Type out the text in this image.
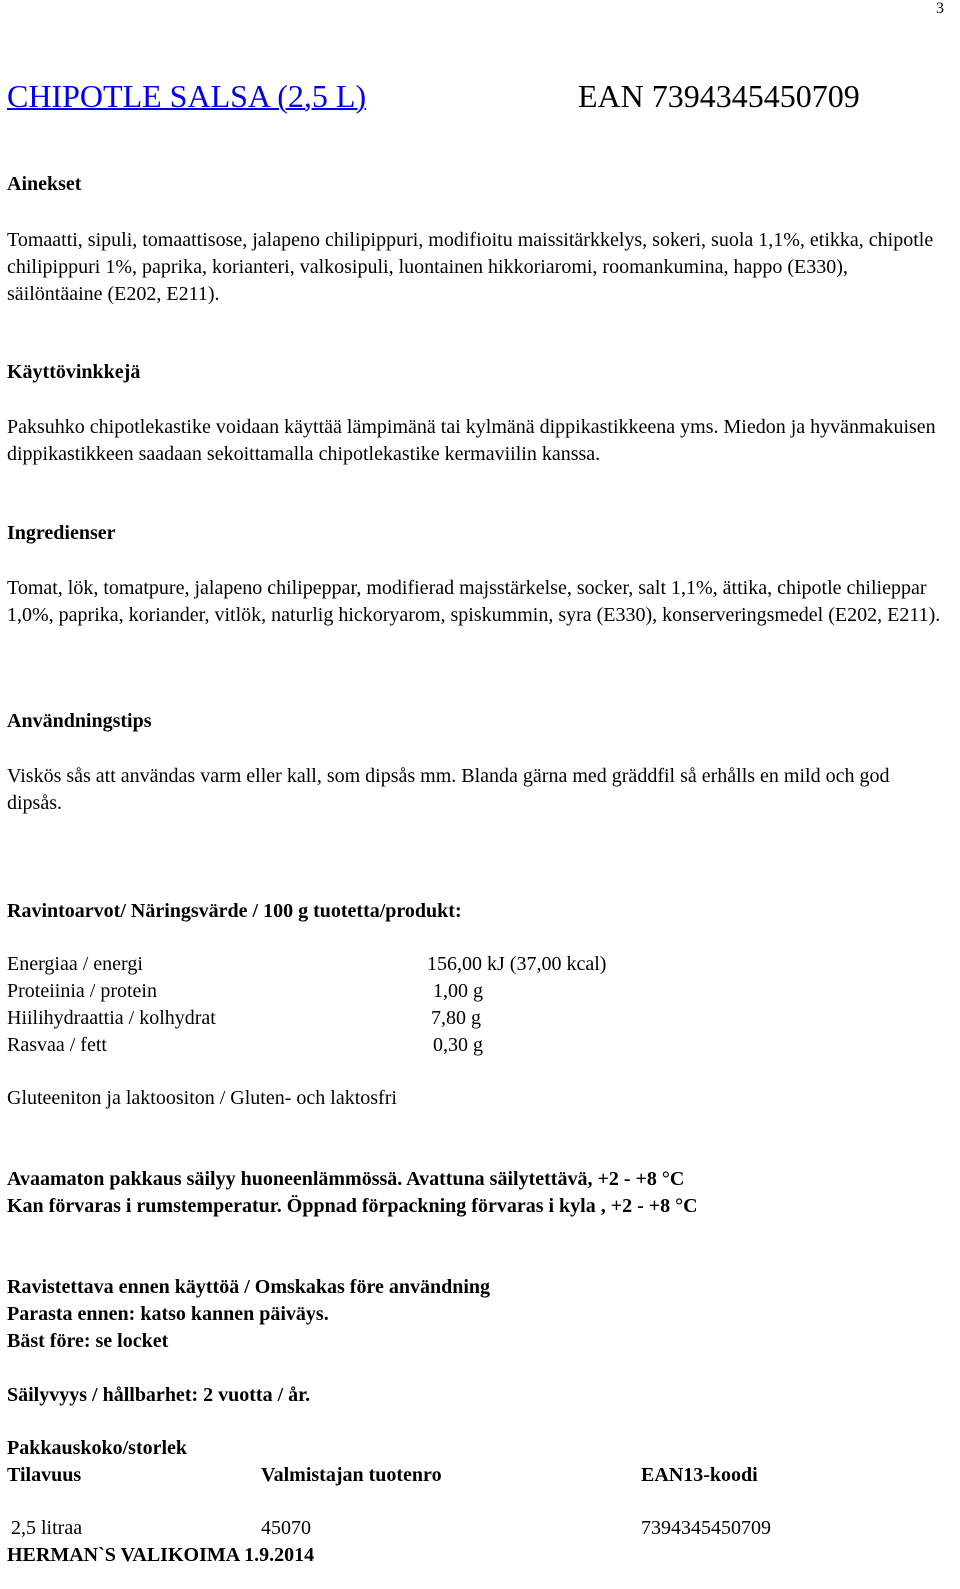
3
CHIPOTLE SALSA (2,5 L)	EAN 7394345450709
Ainekset
Tomaatti, sipuli, tomaattisose, jalapeno chilipippuri, modifioitu maissitärkkelys, sokeri, suola 1,1%, etikka, chipotle chilipippuri 1%, paprika, korianteri, valkosipuli, luontainen hikkoriaromi, roomankumina, happo (E330), säilöntäaine (E202, E211).
Käyttövinkkejä
Paksuhko chipotlekastike voidaan käyttää lämpimänä tai kylmänä dippikastikkeena yms. Miedon ja hyvänmakuisen dippikastikkeen saadaan sekoittamalla chipotlekastike kermaviilin kanssa.
Ingredienser
Tomat, lök, tomatpure, jalapeno chilipeppar, modifierad majsstärkelse, socker, salt 1,1%, ättika, chipotle chilieppar 1,0%, paprika, koriander, vitlök, naturlig hickoryarom, spiskummin, syra (E330), konserveringsmedel (E202, E211).
Användningstips
Viskös sås att användas varm eller kall, som dipsås mm. Blanda gärna med gräddfil så erhålls en mild och god dipsås.
Ravintoarvot/ Näringsvärde / 100 g tuotetta/produkt:
Energiaa / energi	156,00 kJ (37,00 kcal)
Proteiinia / protein	1,00 g
Hiilihydraattia / kolhydrat	7,80 g
Rasvaa / fett	0,30 g
Gluteeniton ja laktoositon / Gluten- och laktosfri
Avaamaton pakkaus säilyy huoneenlämmössä. Avattuna säilytettävä, +2 - +8 °C
Kan förvaras i rumstemperatur. Öppnad förpackning förvaras i kyla , +2 - +8 °C
Ravistettava ennen käyttöä / Omskakas före användning
Parasta ennen: katso kannen päiväys.
Bäst före: se locket
Säilyvyys / hållbarhet: 2 vuotta / år.
Pakkauskoko/storlek
Tilavuus	Valmistajan tuotenro	EAN13-koodi
2,5 litraa	45070	7394345450709
HERMAN`S VALIKOIMA 1.9.2014
